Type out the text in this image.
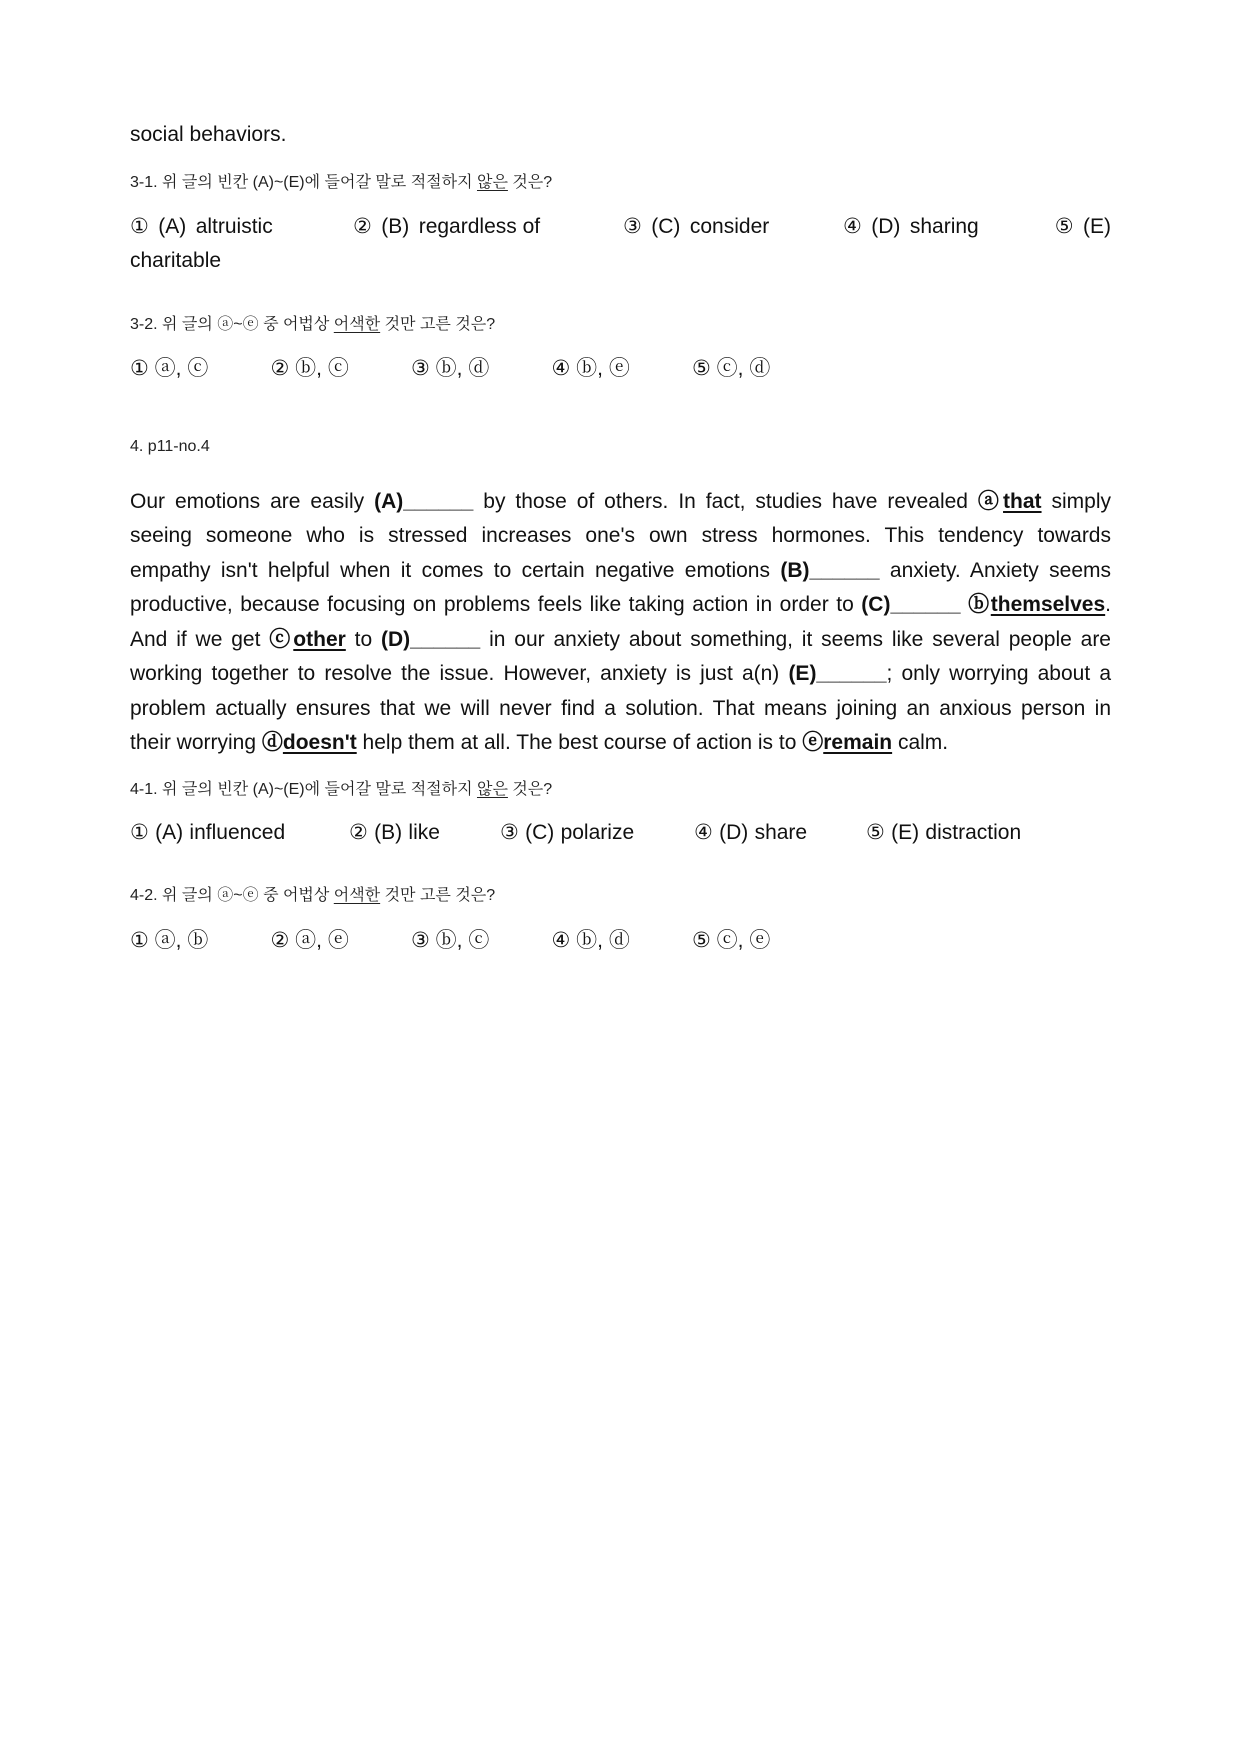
social behaviors.
3-1. 위 글의 빈칸 (A)~(E)에 들어갈 말로 적절하지 않은 것은?
① (A) altruistic	② (B) regardless of	③ (C) consider	④ (D) sharing	⑤ (E)
charitable
3-2. 위 글의 ⓐ~ⓔ 중 어법상 어색한 것만 고른 것은?
① ⓐ, ⓒ	② ⓑ, ⓒ	③ ⓑ, ⓓ	④ ⓑ, ⓔ	⑤ ⓒ, ⓓ
4. p11-no.4
Our emotions are easily (A)______ by those of others. In fact, studies have revealed ⓐthat simply
seeing someone who is stressed increases one's own stress hormones. This tendency towards
empathy isn't helpful when it comes to certain negative emotions (B)______ anxiety. Anxiety seems
productive, because focusing on problems feels like taking action in order to (C)______ ⓑthemselves.
And if we get ⓒother to (D)______ in our anxiety about something, it seems like several people are
working together to resolve the issue. However, anxiety is just a(n) (E)______; only worrying about a
problem actually ensures that we will never find a solution. That means joining an anxious person in
their worrying ⓓdoesn't help them at all. The best course of action is to ⓔremain calm.
4-1. 위 글의 빈칸 (A)~(E)에 들어갈 말로 적절하지 않은 것은?
① (A) influenced	② (B) like	③ (C) polarize	④ (D) share	⑤ (E) distraction
4-2. 위 글의 ⓐ~ⓔ 중 어법상 어색한 것만 고른 것은?
① ⓐ, ⓑ	② ⓐ, ⓔ	③ ⓑ, ⓒ	④ ⓑ, ⓓ	⑤ ⓒ, ⓔ
